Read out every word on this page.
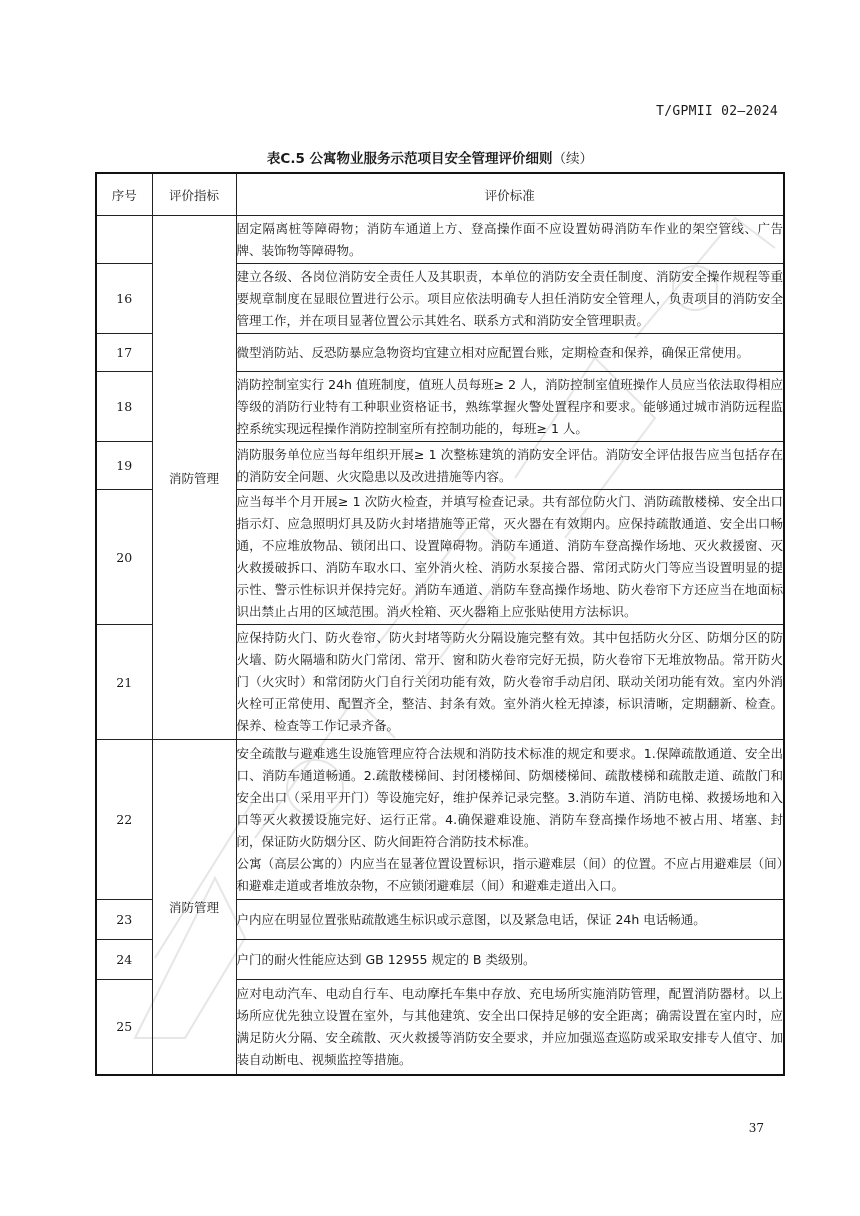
T/GPMII 02—2024
表C.5 公寓物业服务示范项目安全管理评价细则（续）
序号	评价指标	评价标准
	消防管理	固定隔离桩等障碍物；消防车通道上方、登高操作面不应设置妨碍消防车作业的架空管线、广告牌、装饰物等障碍物。

16		建立各级、各岗位消防安全责任人及其职责，本单位的消防安全责任制度、消防安全操作规程等重要规章制度在显眼位置进行公示。项目应依法明确专人担任消防安全管理人，负责项目的消防安全管理工作，并在项目显著位置公示其姓名、联系方式和消防安全管理职责。

17		微型消防站、反恐防暴应急物资均宜建立相对应配置台账，定期检查和保养，确保正常使用。

18		消防控制室实行 24h 值班制度，值班人员每班≥ 2 人，消防控制室值班操作人员应当依法取得相应等级的消防行业特有工种职业资格证书，熟练掌握火警处置程序和要求。能够通过城市消防远程监控系统实现远程操作消防控制室所有控制功能的，每班≥ 1 人。

19		消防服务单位应当每年组织开展≥ 1 次整栋建筑的消防安全评估。消防安全评估报告应当包括存在的消防安全问题、火灾隐患以及改进措施等内容。

20		应当每半个月开展≥ 1 次防火检查，并填写检查记录。共有部位防火门、消防疏散楼梯、安全出口指示灯、应急照明灯具及防火封堵措施等正常，灭火器在有效期内。应保持疏散通道、安全出口畅通，不应堆放物品、锁闭出口、设置障碍物。消防车通道、消防车登高操作场地、灭火救援窗、灭火救援破拆口、消防车取水口、室外消火栓、消防水泵接合器、常闭式防火门等应当设置明显的提示性、警示性标识并保持完好。消防车通道、消防车登高操作场地、防火卷帘下方还应当在地面标识出禁止占用的区域范围。消火栓箱、灭火器箱上应张贴使用方法标识。

21		应保持防火门、防火卷帘、防火封堵等防火分隔设施完整有效。其中包括防火分区、防烟分区的防火墙、防火隔墙和防火门常闭、常开、窗和防火卷帘完好无损，防火卷帘下无堆放物品。常开防火门（火灾时）和常闭防火门自行关闭功能有效，防火卷帘手动启闭、联动关闭功能有效。室内外消火栓可正常使用、配置齐全，整洁、封条有效。室外消火栓无掉漆，标识清晰，定期翻新、检查。保养、检查等工作记录齐备。

22	消防管理	安全疏散与避难逃生设施管理应符合法规和消防技术标准的规定和要求。1.保障疏散通道、安全出口、消防车通道畅通。2.疏散楼梯间、封闭楼梯间、防烟楼梯间、疏散楼梯和疏散走道、疏散门和安全出口（采用平开门）等设施完好，维护保养记录完整。3.消防车道、消防电梯、救援场地和入口等灭火救援设施完好、运行正常。4.确保避难设施、消防车登高操作场地不被占用、堵塞、封闭，保证防火防烟分区、防火间距符合消防技术标准。

公寓（高层公寓的）内应当在显著位置设置标识，指示避难层（间）的位置。不应占用避难层（间）和避难走道或者堆放杂物，不应锁闭避难层（间）和避难走道出入口。

23		户内应在明显位置张贴疏散逃生标识或示意图，以及紧急电话，保证 24h 电话畅通。

24		户门的耐火性能应达到 GB 12955 规定的 B 类级别。

25		应对电动汽车、电动自行车、电动摩托车集中存放、充电场所实施消防管理，配置消防器材。以上场所应优先独立设置在室外，与其他建筑、安全出口保持足够的安全距离；确需设置在室内时，应满足防火分隔、安全疏散、灭火救援等消防安全要求，并应加强巡查巡防或采取安排专人值守、加装自动断电、视频监控等措施。

37
